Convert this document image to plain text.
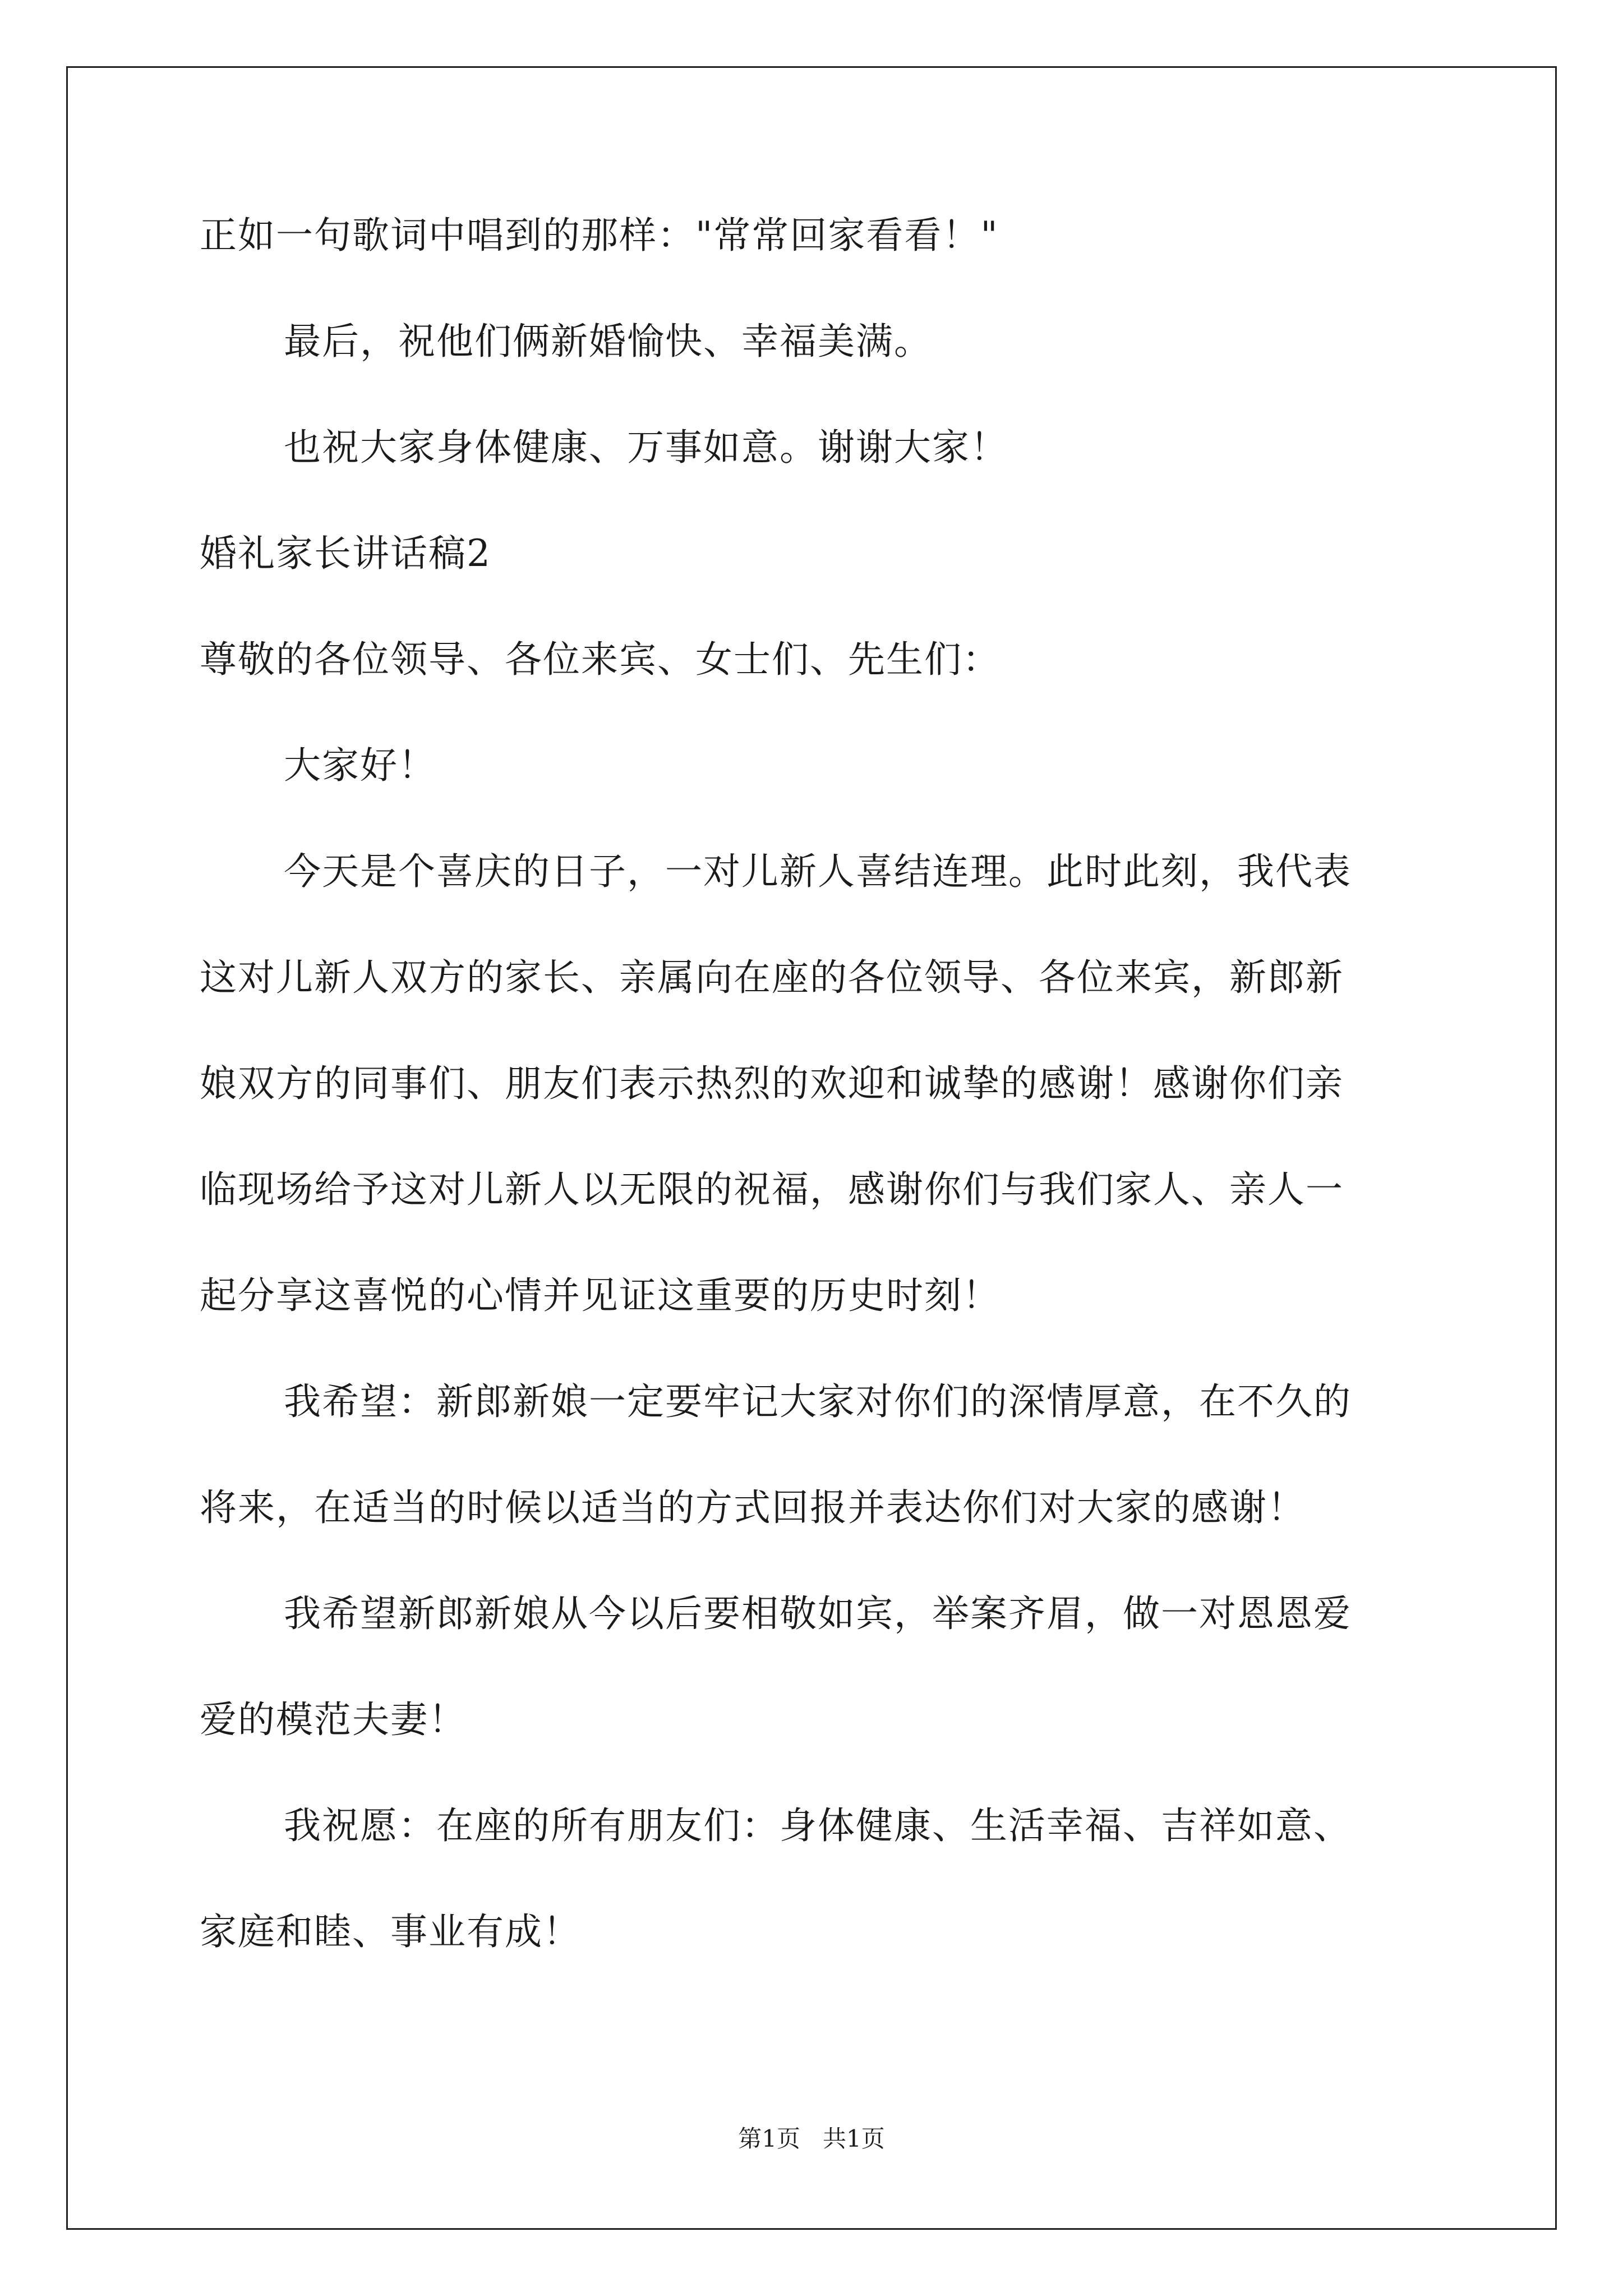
正如一句歌词中唱到的那样："常常回家看看！"
最后，祝他们俩新婚愉快、幸福美满。
也祝大家身体健康、万事如意。谢谢大家！
婚礼家长讲话稿2
尊敬的各位领导、各位来宾、女士们、先生们：
大家好！
今天是个喜庆的日子，一对儿新人喜结连理。此时此刻，我代表
这对儿新人双方的家长、亲属向在座的各位领导、各位来宾，新郎新
娘双方的同事们、朋友们表示热烈的欢迎和诚挚的感谢！感谢你们亲
临现场给予这对儿新人以无限的祝福，感谢你们与我们家人、亲人一
起分享这喜悦的心情并见证这重要的历史时刻！
我希望：新郎新娘一定要牢记大家对你们的深情厚意，在不久的
将来，在适当的时候以适当的方式回报并表达你们对大家的感谢！
我希望新郎新娘从今以后要相敬如宾，举案齐眉，做一对恩恩爱
爱的模范夫妻！
我祝愿：在座的所有朋友们：身体健康、生活幸福、吉祥如意、
家庭和睦、事业有成！
第1页   共1页
